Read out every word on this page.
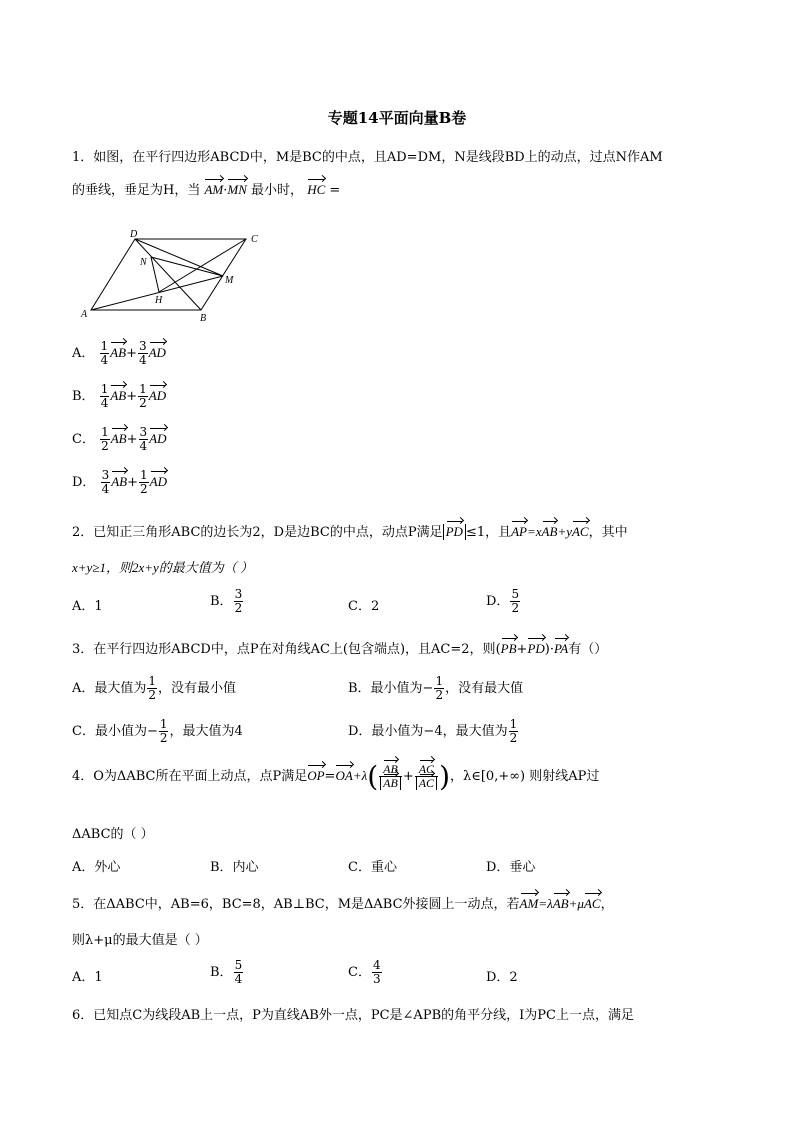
专题14平面向量B卷
1．如图，在平行四边形ABCD中，M是BC的中点，且AD=DM，N是线段BD上的动点，过点N作AM
的垂线，垂足为H，当 AM·MN 最小时， HC =
D	C
N
M
H
A	B
A． $\frac{1}{4} AB+ \frac{3}{4}$ AD
B． $\frac{1}{4} AB+ \frac{1}{2}$ AD
C． $\frac{1}{2} AB+ \frac{3}{4}$ AD
D． $\frac{3}{4} AB+ \frac{1}{2}$ AD
2．已知正三角形ABC的边长为2，D是边BC的中点，动点P满足 PD ≤1，且AP=xAB+yAC，其中
x+y≥1，则2x+y的最大值为（ ）
A．1	B． $\frac{3}{2}$	C．2	D． $\frac{5}{2}$
3．在平行四边形ABCD中，点P在对角线AC上(包含端点)，且AC=2，则(PB+PD)·PA有（）
A．最大值为 $\frac{1}{2}$ ，没有最小值	B．最小值为− $\frac{1}{2}$ ，没有最大值
C．最小值为− $\frac{1}{2}$ ，最大值为4	D．最小值为−4，最大值为 $\frac{1}{2}$
4．O为ΔABC所在平面上动点，点P满足$OP=OA+\lambda( \frac{AB}{AB} + \frac{AC}{AC}$ )，λ∈[0,+∞) 则射线AP过
ΔABC的（ ）
A．外心	B．内心	C．重心	D．垂心
5．在ΔABC中，AB=6，BC=8，AB⊥BC，M是ΔABC外接圆上一动点，若AM=λAB+μAC，
则λ+μ的最大值是（ ）
A．1	B． $\frac{5}{4}$	C． $\frac{4}{3}$	D．2
6．已知点C为线段AB上一点，P为直线AB外一点，PC是∠APB的角平分线，I为PC上一点，满足
